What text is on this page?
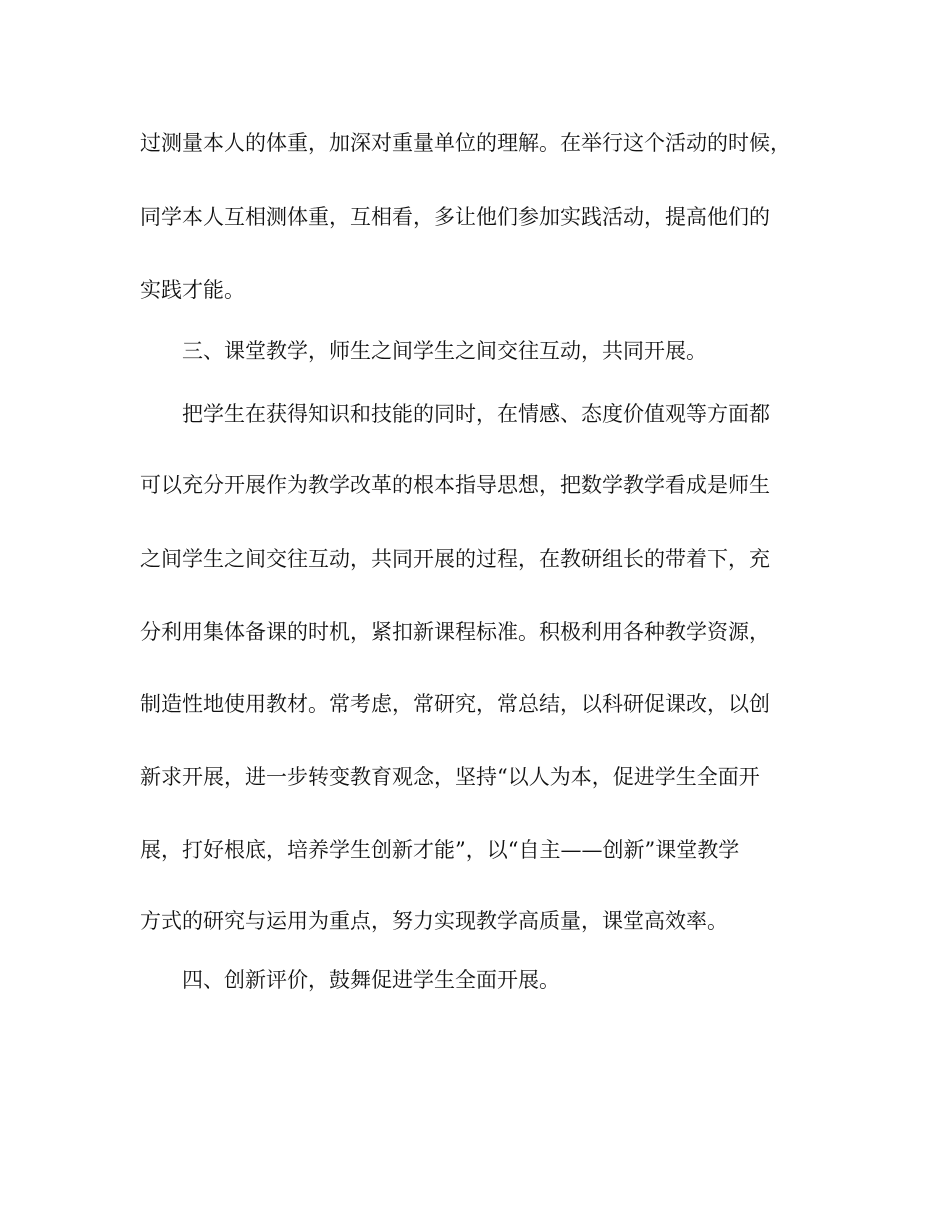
过测量本人的体重，加深对重量单位的理解。在举行这个活动的时候，
同学本人互相测体重，互相看，多让他们参加实践活动，提高他们的
实践才能。
三、课堂教学，师生之间学生之间交往互动，共同开展。
把学生在获得知识和技能的同时，在情感、态度价值观等方面都
可以充分开展作为教学改革的根本指导思想，把数学教学看成是师生
之间学生之间交往互动，共同开展的过程，在教研组长的带着下，充
分利用集体备课的时机，紧扣新课程标准。积极利用各种教学资源，
制造性地使用教材。常考虑，常研究，常总结，以科研促课改，以创
新求开展，进一步转变教育观念，坚持“以人为本，促进学生全面开
展，打好根底，培养学生创新才能”，以“自主——创新”课堂教学
方式的研究与运用为重点，努力实现教学高质量，课堂高效率。
四、创新评价，鼓舞促进学生全面开展。
